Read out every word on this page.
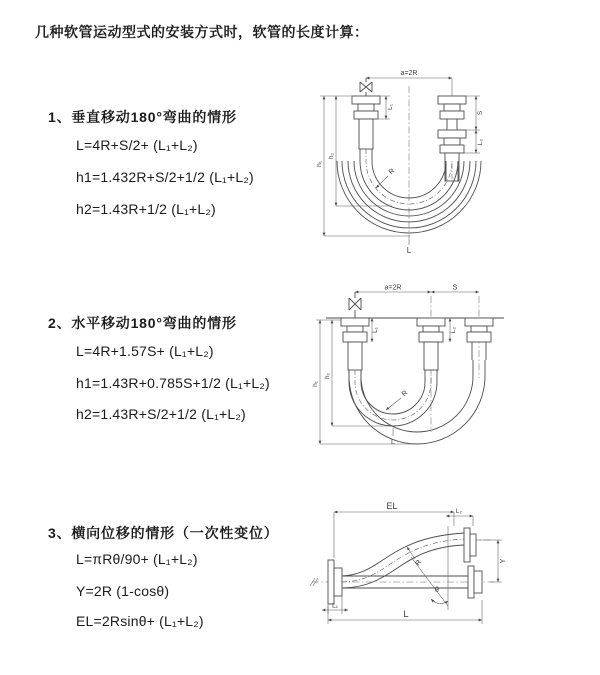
几种软管运动型式的安装方式时，软管的长度计算：
1、垂直移动180°弯曲的情形
L=4R+S/2+ (L₁+L₂)
h1=1.432R+S/2+1/2 (L₁+L₂)
h2=1.43R+1/2 (L₁+L₂)
2、水平移动180°弯曲的情形
L=4R+1.57S+ (L₁+L₂)
h1=1.43R+0.785S+1/2 (L₁+L₂)
h2=1.43R+S/2+1/2 (L₁+L₂)
3、横向位移的情形（一次性变位）
L=πRθ/90+ (L₁+L₂)
Y=2R (1-cosθ)
EL=2Rsinθ+ (L₁+L₂)
a=2R
L₁
S
L₂
h₁
h₂
R
L
a=2R	S
L₁	L₂
h₁
h₂
R
L
EL
L₂
Y
θ
R
L₁
L
